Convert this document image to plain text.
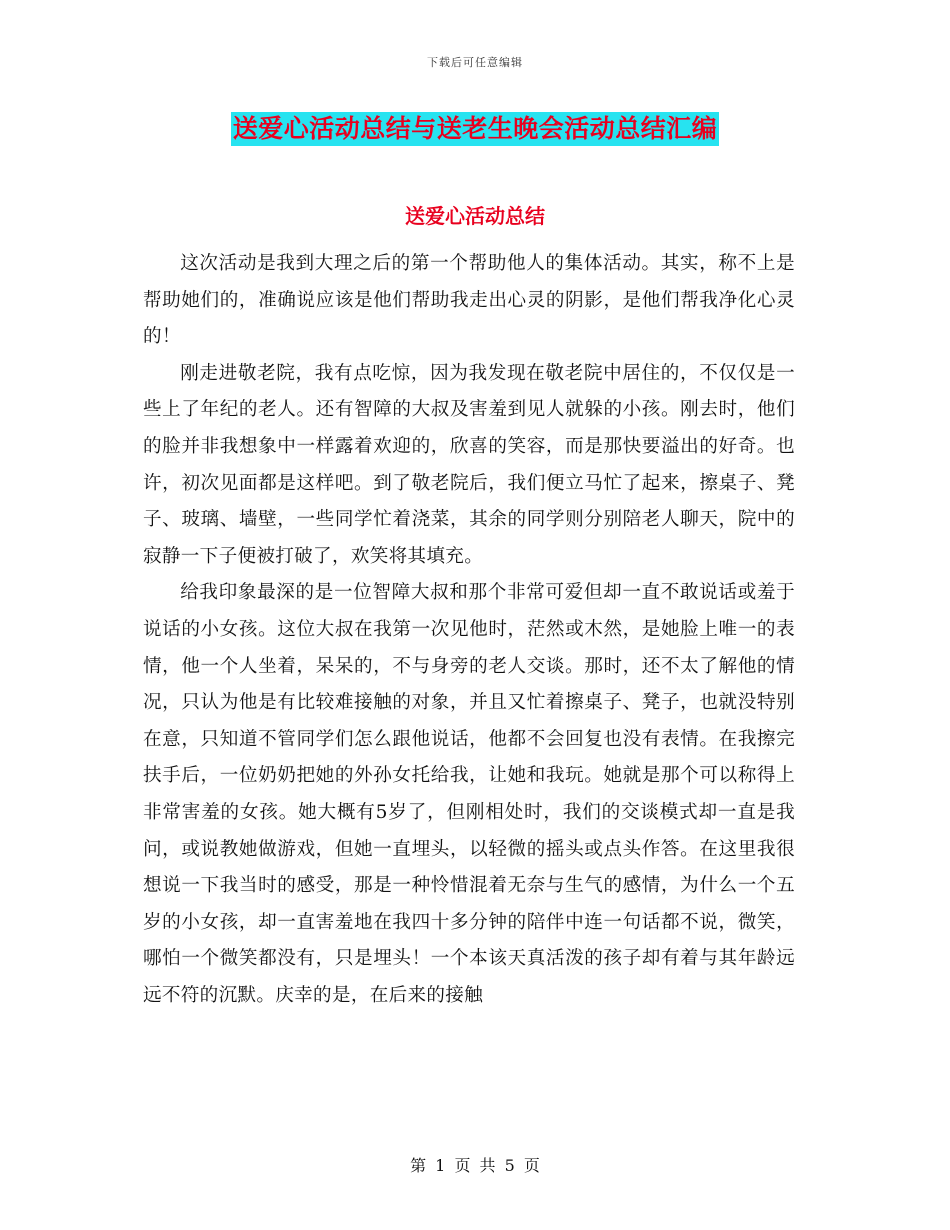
下载后可任意编辑
送爱心活动总结与送老生晚会活动总结汇编
送爱心活动总结

这次活动是我到大理之后的第一个帮助他人的集体活动。其实，称不上是帮助她们的，准确说应该是他们帮助我走出心灵的阴影，是他们帮我净化心灵的！

刚走进敬老院，我有点吃惊，因为我发现在敬老院中居住的，不仅仅是一些上了年纪的老人。还有智障的大叔及害羞到见人就躲的小孩。刚去时，他们的脸并非我想象中一样露着欢迎的，欣喜的笑容，而是那快要溢出的好奇。也许，初次见面都是这样吧。到了敬老院后，我们便立马忙了起来，擦桌子、凳子、玻璃、墙壁，一些同学忙着浇菜，其余的同学则分别陪老人聊天，院中的寂静一下子便被打破了，欢笑将其填充。

给我印象最深的是一位智障大叔和那个非常可爱但却一直不敢说话或羞于说话的小女孩。这位大叔在我第一次见他时，茫然或木然，是她脸上唯一的表情，他一个人坐着，呆呆的，不与身旁的老人交谈。那时，还不太了解他的情况，只认为他是有比较难接触的对象，并且又忙着擦桌子、凳子，也就没特别在意，只知道不管同学们怎么跟他说话，他都不会回复也没有表情。在我擦完扶手后，一位奶奶把她的外孙女托给我，让她和我玩。她就是那个可以称得上非常害羞的女孩。她大概有5岁了，但刚相处时，我们的交谈模式却一直是我问，或说教她做游戏，但她一直埋头，以轻微的摇头或点头作答。在这里我很想说一下我当时的感受，那是一种怜惜混着无奈与生气的感情，为什么一个五岁的小女孩，却一直害羞地在我四十多分钟的陪伴中连一句话都不说，微笑，哪怕一个微笑都没有，只是埋头！一个本该天真活泼的孩子却有着与其年龄远远不符的沉默。庆幸的是，在后来的接触

第 1 页 共 5 页
